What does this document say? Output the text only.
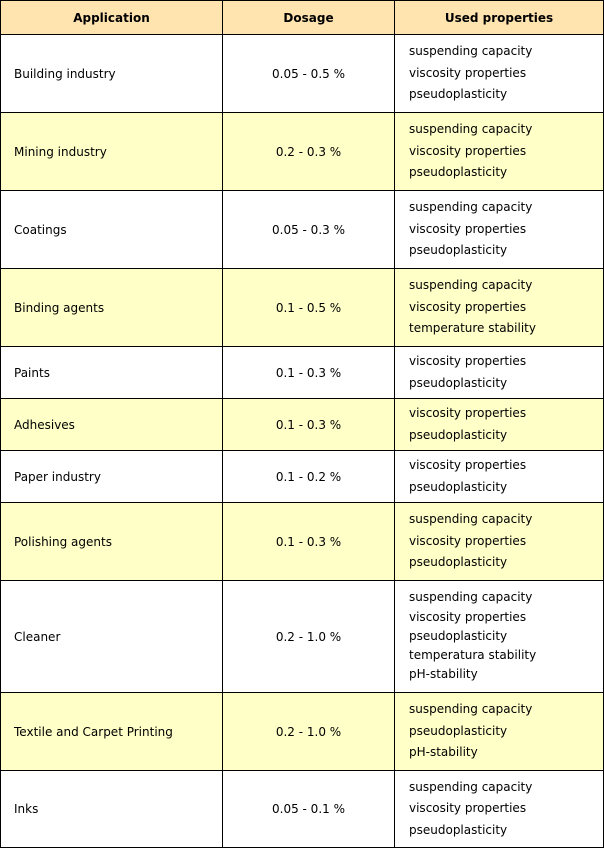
Application	Dosage	Used properties
Building industry	0.05 - 0.5 %	suspending capacity
viscosity properties
pseudoplasticity

Mining industry	0.2 - 0.3 %	suspending capacity
viscosity properties
pseudoplasticity

Coatings	0.05 - 0.3 %	suspending capacity
viscosity properties
pseudoplasticity

Binding agents	0.1 - 0.5 %	suspending capacity
viscosity properties
temperature stability

Paints	0.1 - 0.3 %	viscosity properties
pseudoplasticity

Adhesives	0.1 - 0.3 %	viscosity properties
pseudoplasticity

Paper industry	0.1 - 0.2 %	viscosity properties
pseudoplasticity

Polishing agents	0.1 - 0.3 %	suspending capacity
viscosity properties
pseudoplasticity

Cleaner	0.2 - 1.0 %	suspending capacity
viscosity properties
pseudoplasticity
temperatura stability
pH-stability

Textile and Carpet Printing	0.2 - 1.0 %	suspending capacity
pseudoplasticity
pH-stability

Inks	0.05 - 0.1 %	suspending capacity
viscosity properties
pseudoplasticity
